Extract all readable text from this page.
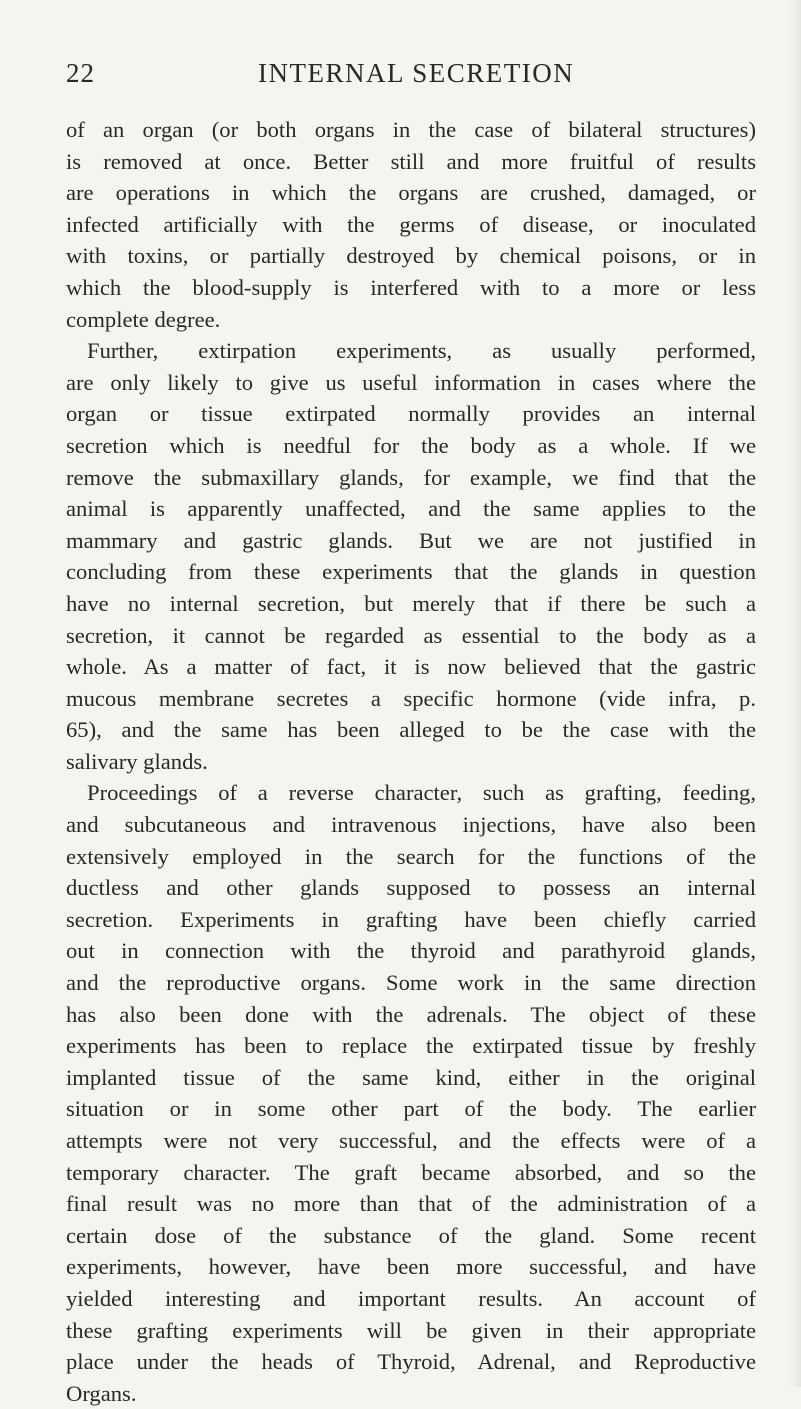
22	INTERNAL SECRETION
of an organ (or both organs in the case of bilateral structures)
is removed at once. Better still and more fruitful of results
are operations in which the organs are crushed, damaged, or
infected artificially with the germs of disease, or inoculated
with toxins, or partially destroyed by chemical poisons, or in
which the blood-supply is interfered with to a more or less
complete degree.
Further, extirpation experiments, as usually performed,
are only likely to give us useful information in cases where the
organ or tissue extirpated normally provides an internal
secretion which is needful for the body as a whole. If we
remove the submaxillary glands, for example, we find that the
animal is apparently unaffected, and the same applies to the
mammary and gastric glands. But we are not justified in
concluding from these experiments that the glands in question
have no internal secretion, but merely that if there be such a
secretion, it cannot be regarded as essential to the body as a
whole. As a matter of fact, it is now believed that the gastric
mucous membrane secretes a specific hormone (vide infra, p.
65), and the same has been alleged to be the case with the
salivary glands.
Proceedings of a reverse character, such as grafting, feeding,
and subcutaneous and intravenous injections, have also been
extensively employed in the search for the functions of the
ductless and other glands supposed to possess an internal
secretion. Experiments in grafting have been chiefly carried
out in connection with the thyroid and parathyroid glands,
and the reproductive organs. Some work in the same direction
has also been done with the adrenals. The object of these
experiments has been to replace the extirpated tissue by freshly
implanted tissue of the same kind, either in the original
situation or in some other part of the body. The earlier
attempts were not very successful, and the effects were of a
temporary character. The graft became absorbed, and so the
final result was no more than that of the administration of a
certain dose of the substance of the gland. Some recent
experiments, however, have been more successful, and have
yielded interesting and important results. An account of
these grafting experiments will be given in their appropriate
place under the heads of Thyroid, Adrenal, and Reproductive
Organs.
